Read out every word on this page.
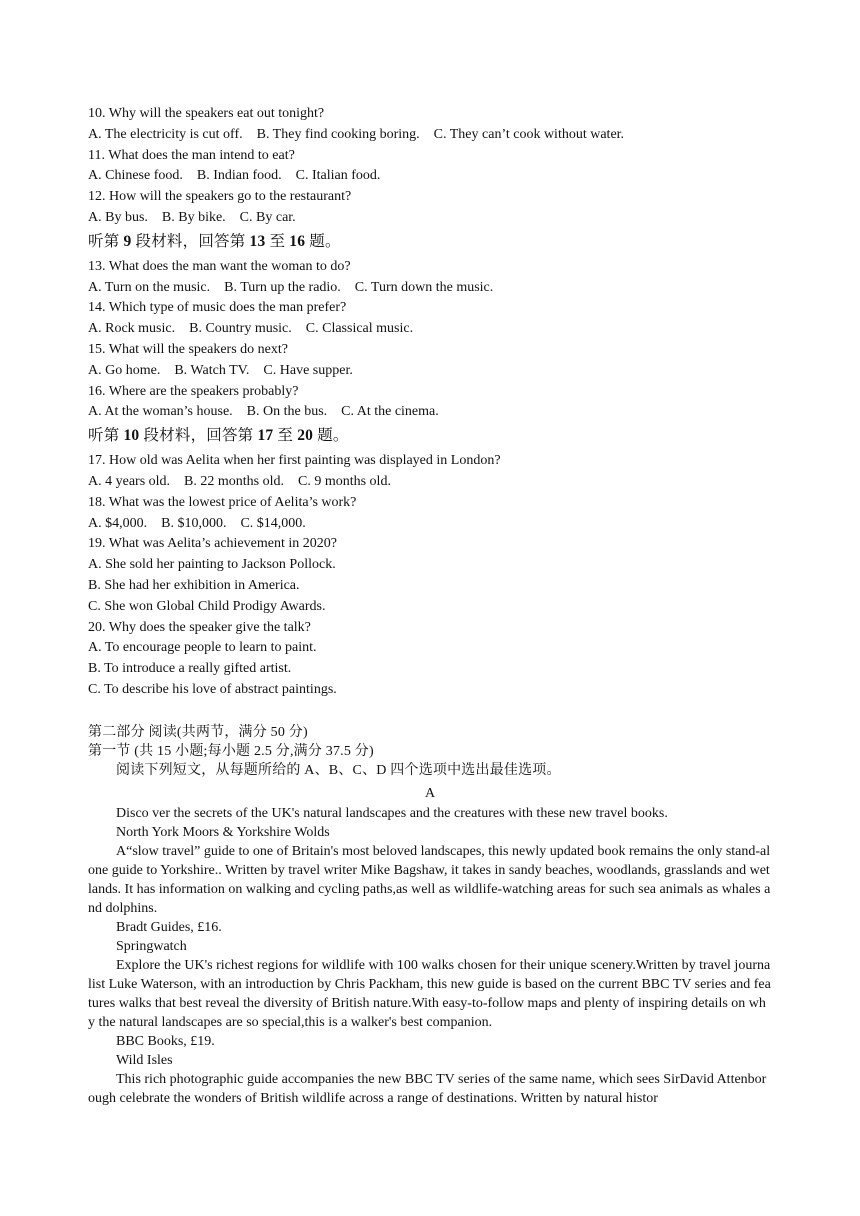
10. Why will the speakers eat out tonight?
A. The electricity is cut off.    B. They find cooking boring.    C. They can’t cook without water.
11. What does the man intend to eat?
A. Chinese food.    B. Indian food.    C. Italian food.
12. How will the speakers go to the restaurant?
A. By bus.    B. By bike.    C. By car.
听第 9 段材料，回答第 13 至 16 题。
13. What does the man want the woman to do?
A. Turn on the music.    B. Turn up the radio.    C. Turn down the music.
14. Which type of music does the man prefer?
A. Rock music.    B. Country music.    C. Classical music.
15. What will the speakers do next?
A. Go home.    B. Watch TV.    C. Have supper.
16. Where are the speakers probably?
A. At the woman’s house.    B. On the bus.    C. At the cinema.
听第 10 段材料，回答第 17 至 20 题。
17. How old was Aelita when her first painting was displayed in London?
A. 4 years old.    B. 22 months old.    C. 9 months old.
18. What was the lowest price of Aelita’s work?
A. $4,000.    B. $10,000.    C. $14,000.
19. What was Aelita’s achievement in 2020?
A. She sold her painting to Jackson Pollock.
B. She had her exhibition in America.
C. She won Global Child Prodigy Awards.
20. Why does the speaker give the talk?
A. To encourage people to learn to paint.
B. To introduce a really gifted artist.
C. To describe his love of abstract paintings.
第二部分 阅读(共两节，满分 50 分)
第一节 (共 15 小题;每小题 2.5 分,满分 37.5 分)
阅读下列短文，从每题所给的 A、B、C、D 四个选项中选出最佳选项。
A
Disco ver the secrets of the UK's natural landscapes and the creatures with these new travel books.
North York Moors & Yorkshire Wolds
A“slow travel” guide to one of Britain's most beloved landscapes, this newly updated book remains the only stand-alone guide to Yorkshire.. Written by travel writer Mike Bagshaw, it takes in sandy beaches, woodlands, grasslands and wetlands. It has information on walking and cycling paths,as well as wildlife-watching areas for such sea animals as whales and dolphins.
Bradt Guides, £16.
Springwatch
Explore the UK's richest regions for wildlife with 100 walks chosen for their unique scenery.Written by travel journalist Luke Waterson, with an introduction by Chris Packham, this new guide is based on the current BBC TV series and features walks that best reveal the diversity of British nature.With easy-to-follow maps and plenty of inspiring details on why the natural landscapes are so special,this is a walker's best companion.
BBC Books, £19.
Wild Isles
This rich photographic guide accompanies the new BBC TV series of the same name, which sees SirDavid Attenborough celebrate the wonders of British wildlife across a range of destinations. Written by natural histor
